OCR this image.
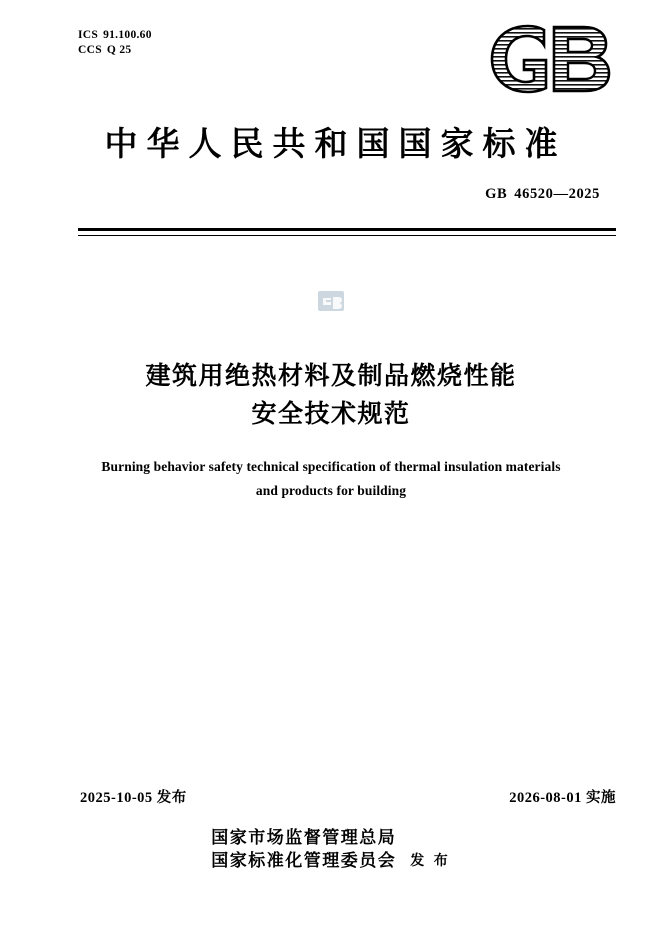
ICS 91.100.60
CCS Q 25
中华人民共和国国家标准
GB 46520—2025
建筑用绝热材料及制品燃烧性能
安全技术规范
Burning behavior safety technical specification of thermal insulation materials
and products for building
2025-10-05 发布	2026-08-01 实施
国家市场监督管理总局
国家标准化管理委员会 发 布
